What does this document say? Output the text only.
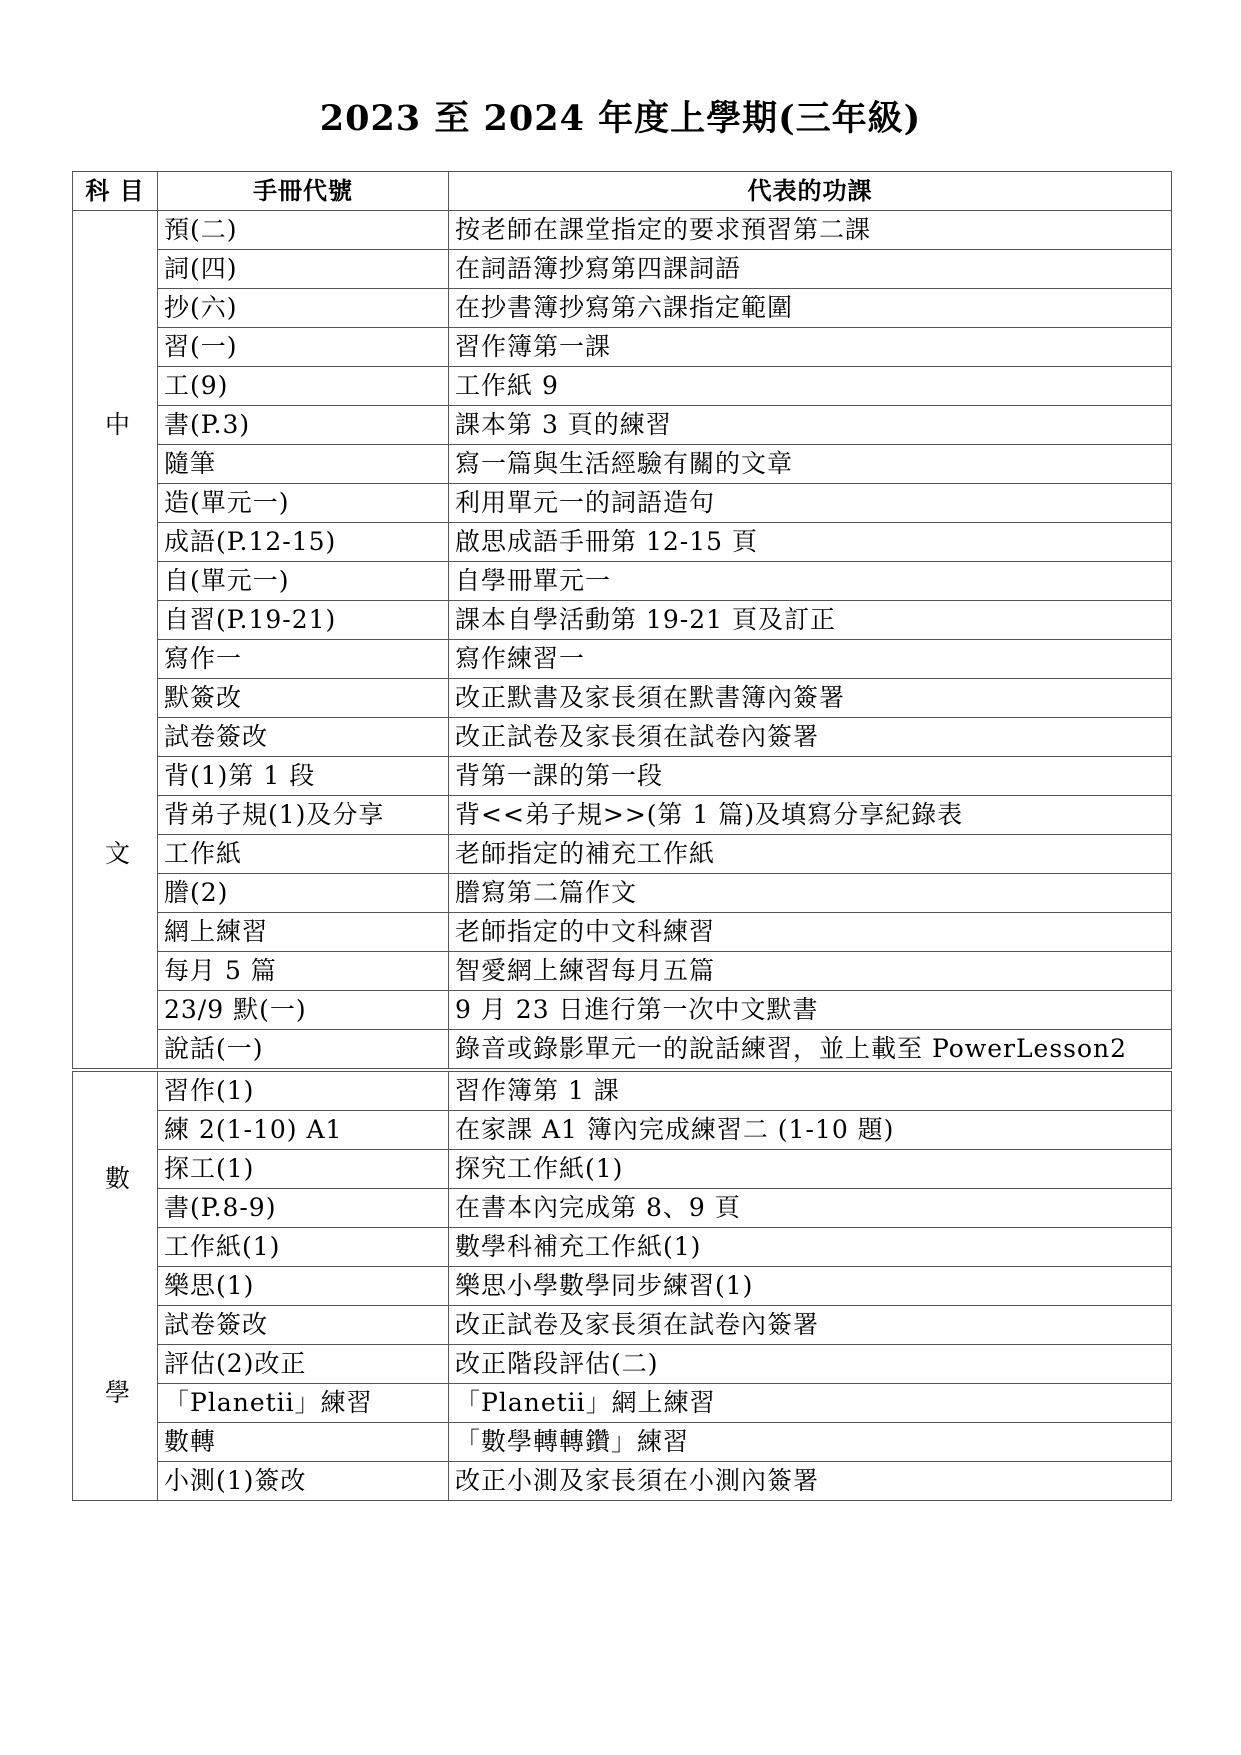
2023 至 2024 年度上學期(三年級)
科 目	手冊代號	代表的功課

中
文	預(二)	按老師在課堂指定的要求預習第二課
	詞(四)	在詞語簿抄寫第四課詞語
	抄(六)	在抄書簿抄寫第六課指定範圍
	習(一)	習作簿第一課
	工(9)	工作紙 9
	書(P.3)	課本第 3 頁的練習
	隨筆	寫一篇與生活經驗有關的文章
	造(單元一)	利用單元一的詞語造句
	成語(P.12-15)	啟思成語手冊第 12-15 頁
	自(單元一)	自學冊單元一
	自習(P.19-21)	課本自學活動第 19-21 頁及訂正
	寫作一	寫作練習一
	默簽改	改正默書及家長須在默書簿內簽署
	試卷簽改	改正試卷及家長須在試卷內簽署
	背(1)第 1 段	背第一課的第一段
	背弟子規(1)及分享	背<<弟子規>>(第 1 篇)及填寫分享紀錄表
	工作紙	老師指定的補充工作紙
	謄(2)	謄寫第二篇作文
	網上練習	老師指定的中文科練習
	每月 5 篇	智愛網上練習每月五篇
	23/9 默(一)	9 月 23 日進行第一次中文默書
	說話(一)	錄音或錄影單元一的說話練習，並上載至 PowerLesson2

數
學	習作(1)	習作簿第 1 課
	練 2(1-10) A1	在家課 A1 簿內完成練習二 (1-10 題)
	探工(1)	探究工作紙(1)
	書(P.8-9)	在書本內完成第 8、9 頁
	工作紙(1)	數學科補充工作紙(1)
	樂思(1)	樂思小學數學同步練習(1)
	試卷簽改	改正試卷及家長須在試卷內簽署
	評估(2)改正	改正階段評估(二)
	「Planetii」練習	「Planetii」網上練習
	數轉	「數學轉轉鑽」練習
	小測(1)簽改	改正小測及家長須在小測內簽署
